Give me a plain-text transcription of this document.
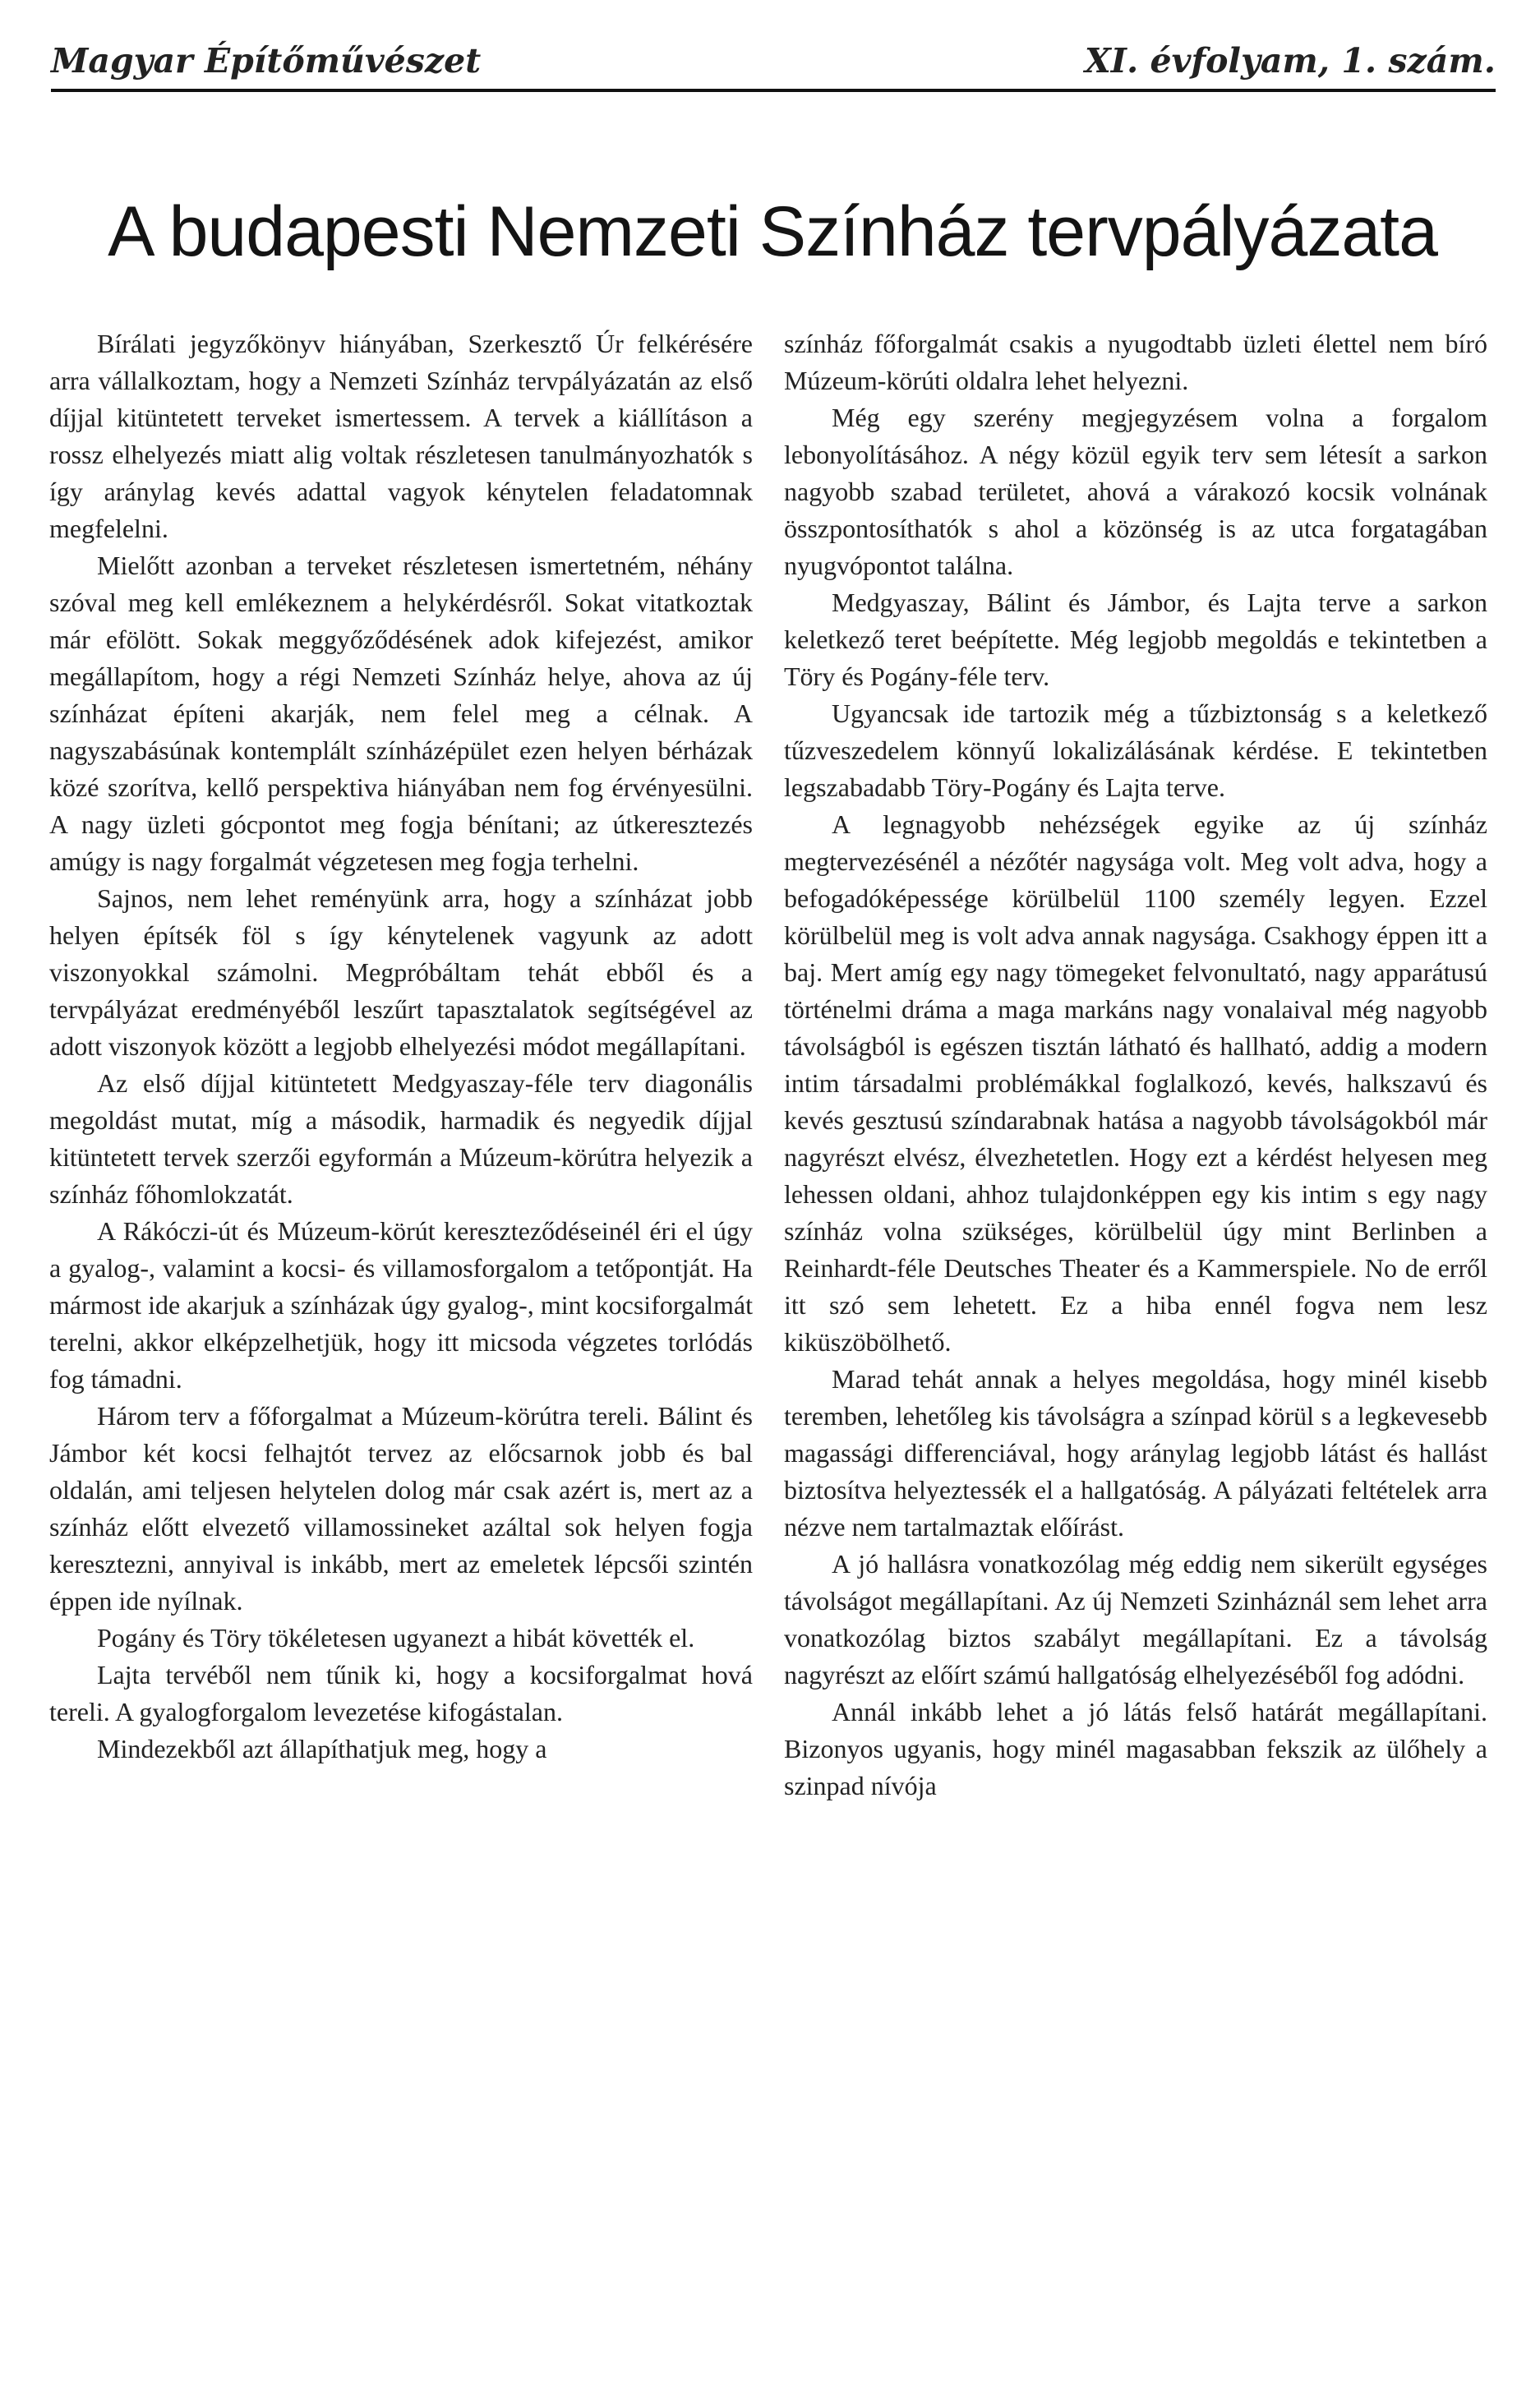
Magyar Építőművészet	XI. évfolyam, 1. szám.
A budapesti Nemzeti Színház tervpályázata

Bírálati jegyzőkönyv hiányában, Szerkesztő Úr felkérésére arra vállalkoztam, hogy a Nemzeti Színház tervpályázatán az első díjjal kitüntetett terveket ismertessem. A tervek a kiállításon a rossz elhelyezés miatt alig voltak részletesen tanulmányozhatók s így aránylag kevés adattal vagyok kénytelen feladatomnak megfelelni.

Mielőtt azonban a terveket részletesen ismertetném, néhány szóval meg kell emlékeznem a helykérdésről. Sokat vitatkoztak már efölött. Sokak meggyőződésének adok kifejezést, amikor megállapítom, hogy a régi Nemzeti Színház helye, ahova az új színházat építeni akarják, nem felel meg a célnak. A nagyszabásúnak kontemplált színházépület ezen helyen bérházak közé szorítva, kellő perspektiva hiányában nem fog érvényesülni. A nagy üzleti gócpontot meg fogja bénítani; az útkeresztezés amúgy is nagy forgalmát végzetesen meg fogja terhelni.

Sajnos, nem lehet reményünk arra, hogy a színházat jobb helyen építsék föl s így kénytelenek vagyunk az adott viszonyokkal számolni. Megpróbáltam tehát ebből és a tervpályázat eredményéből leszűrt tapasztalatok segítségével az adott viszonyok között a legjobb elhelyezési módot megállapítani.

Az első díjjal kitüntetett Medgyaszay-féle terv diagonális megoldást mutat, míg a második, harmadik és negyedik díjjal kitüntetett tervek szerzői egyformán a Múzeum-körútra helyezik a színház főhomlokzatát.

A Rákóczi-út és Múzeum-körút kereszteződéseinél éri el úgy a gyalog-, valamint a kocsi- és villamosforgalom a tetőpontját. Ha mármost ide akarjuk a színházak úgy gyalog-, mint kocsiforgalmát terelni, akkor elképzelhetjük, hogy itt micsoda végzetes torlódás fog támadni.

Három terv a főforgalmat a Múzeum-körútra tereli. Bálint és Jámbor két kocsi felhajtót tervez az előcsarnok jobb és bal oldalán, ami teljesen helytelen dolog már csak azért is, mert az a színház előtt elvezető villamossineket azáltal sok helyen fogja keresztezni, annyival is inkább, mert az emeletek lépcsői szintén éppen ide nyílnak.

Pogány és Töry tökéletesen ugyanezt a hibát követték el.

Lajta tervéből nem tűnik ki, hogy a kocsiforgalmat hová tereli. A gyalogforgalom levezetése kifogástalan.

Mindezekből azt állapíthatjuk meg, hogy a

színház főforgalmát csakis a nyugodtabb üzleti élettel nem bíró Múzeum-körúti oldalra lehet helyezni.

Még egy szerény megjegyzésem volna a forgalom lebonyolításához. A négy közül egyik terv sem létesít a sarkon nagyobb szabad területet, ahová a várakozó kocsik volnának összpontosíthatók s ahol a közönség is az utca forgatagában nyugvópontot találna.

Medgyaszay, Bálint és Jámbor, és Lajta terve a sarkon keletkező teret beépítette. Még legjobb megoldás e tekintetben a Töry és Pogány-féle terv.

Ugyancsak ide tartozik még a tűzbiztonság s a keletkező tűzveszedelem könnyű lokalizálásának kérdése. E tekintetben legszabadabb Töry-Pogány és Lajta terve.

A legnagyobb nehézségek egyike az új színház megtervezésénél a nézőtér nagysága volt. Meg volt adva, hogy a befogadóképessége körülbelül 1100 személy legyen. Ezzel körülbelül meg is volt adva annak nagysága. Csakhogy éppen itt a baj. Mert amíg egy nagy tömegeket felvonultató, nagy apparátusú történelmi dráma a maga markáns nagy vonalaival még nagyobb távolságból is egészen tisztán látható és hallható, addig a modern intim társadalmi problémákkal foglalkozó, kevés, halkszavú és kevés gesztusú színdarabnak hatása a nagyobb távolságokból már nagyrészt elvész, élvezhetetlen. Hogy ezt a kérdést helyesen meg lehessen oldani, ahhoz tulajdonképpen egy kis intim s egy nagy színház volna szükséges, körülbelül úgy mint Berlinben a Reinhardt-féle Deutsches Theater és a Kammerspiele. No de erről itt szó sem lehetett. Ez a hiba ennél fogva nem lesz kiküszöbölhető.

Marad tehát annak a helyes megoldása, hogy minél kisebb teremben, lehetőleg kis távolságra a színpad körül s a legkevesebb magassági differenciával, hogy aránylag legjobb látást és hallást biztosítva helyeztessék el a hallgatóság. A pályázati feltételek arra nézve nem tartalmaztak előírást.

A jó hallásra vonatkozólag még eddig nem sikerült egységes távolságot megállapítani. Az új Nemzeti Szinháznál sem lehet arra vonatkozólag biztos szabályt megállapítani. Ez a távolság nagyrészt az előírt számú hallgatóság elhelyezéséből fog adódni.

Annál inkább lehet a jó látás felső határát megállapítani. Bizonyos ugyanis, hogy minél magasabban fekszik az ülőhely a szinpad nívója
